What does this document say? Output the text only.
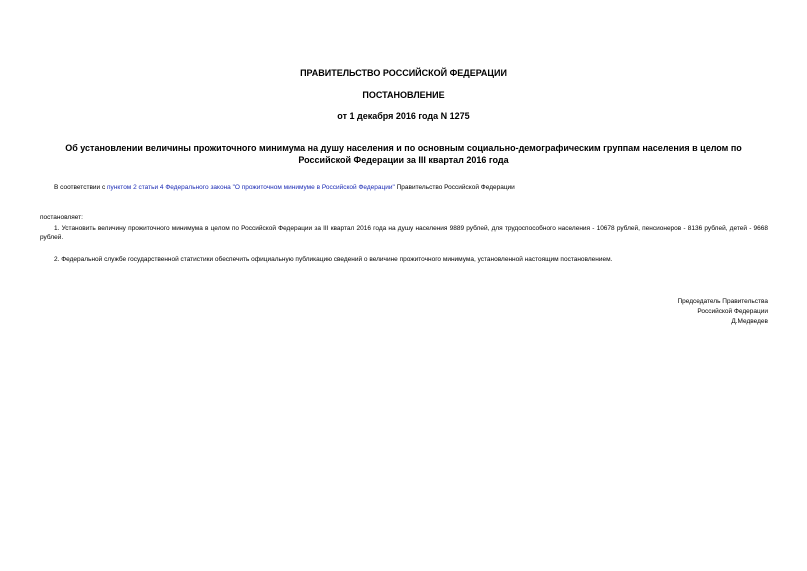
ПРАВИТЕЛЬСТВО РОССИЙСКОЙ ФЕДЕРАЦИИ
ПОСТАНОВЛЕНИЕ
от 1 декабря 2016 года N 1275
Об установлении величины прожиточного минимума на душу населения и по основным социально-демографическим группам населения в целом по Российской Федерации за III квартал 2016 года
В соответствии с пунктом 2 статьи 4 Федерального закона "О прожиточном минимуме в Российской Федерации" Правительство Российской Федерации
постановляет:
1. Установить величину прожиточного минимума в целом по Российской Федерации за III квартал 2016 года на душу населения 9889 рублей, для трудоспособного населения - 10678 рублей, пенсионеров - 8136 рублей, детей - 9668 рублей.
2. Федеральной службе государственной статистики обеспечить официальную публикацию сведений о величине прожиточного минимума, установленной настоящим постановлением.
Председатель Правительства
Российской Федерации
Д.Медведев
